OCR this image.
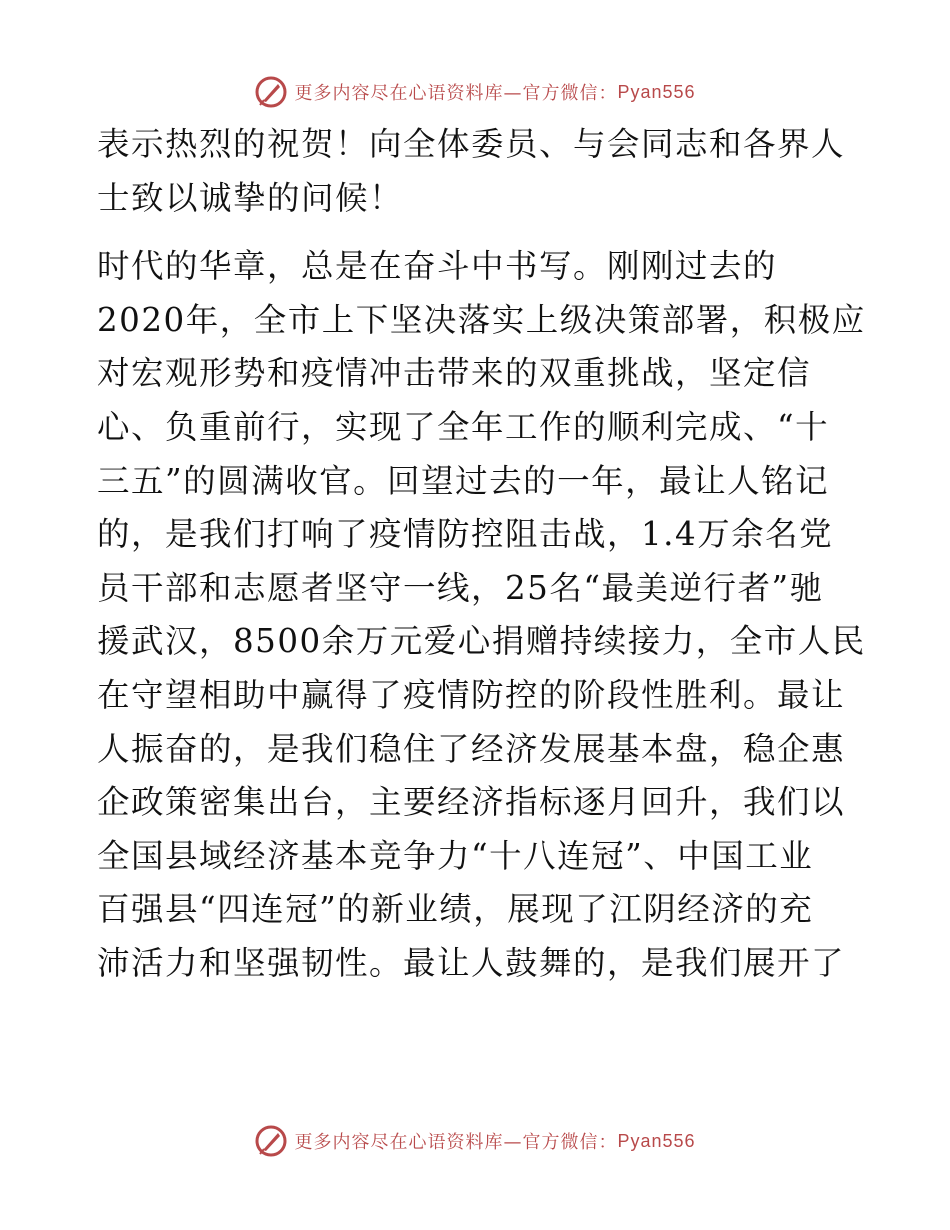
更多内容尽在心语资料库—官方微信： Pyan556
表示热烈的祝贺！向全体委员、与会同志和各界人
士致以诚挚的问候！
时代的华章，总是在奋斗中书写。刚刚过去的
2020年，全市上下坚决落实上级决策部署，积极应
对宏观形势和疫情冲击带来的双重挑战，坚定信
心、负重前行，实现了全年工作的顺利完成、“十
三五”的圆满收官。回望过去的一年，最让人铭记
的，是我们打响了疫情防控阻击战，1.4万余名党
员干部和志愿者坚守一线，25名“最美逆行者”驰
援武汉，8500余万元爱心捐赠持续接力，全市人民
在守望相助中赢得了疫情防控的阶段性胜利。最让
人振奋的，是我们稳住了经济发展基本盘，稳企惠
企政策密集出台，主要经济指标逐月回升，我们以
全国县域经济基本竞争力“十八连冠”、中国工业
百强县“四连冠”的新业绩，展现了江阴经济的充
沛活力和坚强韧性。最让人鼓舞的，是我们展开了
更多内容尽在心语资料库—官方微信： Pyan556
